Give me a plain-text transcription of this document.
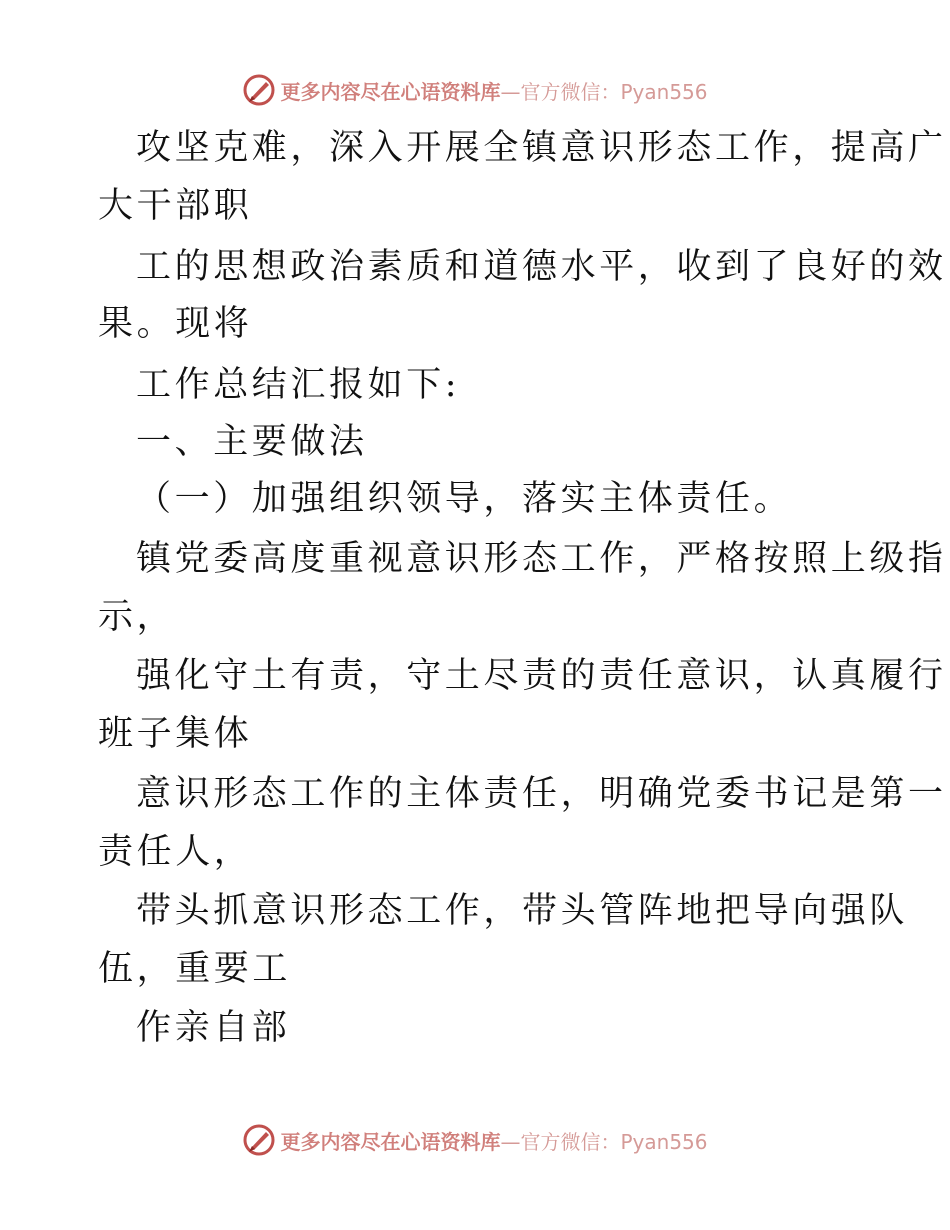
更多内容尽在心语资料库—官方微信：Pyan556
攻坚克难，深入开展全镇意识形态工作，提高广
大干部职
工的思想政治素质和道德水平，收到了良好的效
果。现将
工作总结汇报如下:
一、主要做法
（一）加强组织领导，落实主体责任。
镇党委高度重视意识形态工作，严格按照上级指
示，
强化守土有责，守土尽责的责任意识，认真履行
班子集体
意识形态工作的主体责任，明确党委书记是第一
责任人，
带头抓意识形态工作，带头管阵地把导向强队
伍，重要工
作亲自部
更多内容尽在心语资料库—官方微信：Pyan556
